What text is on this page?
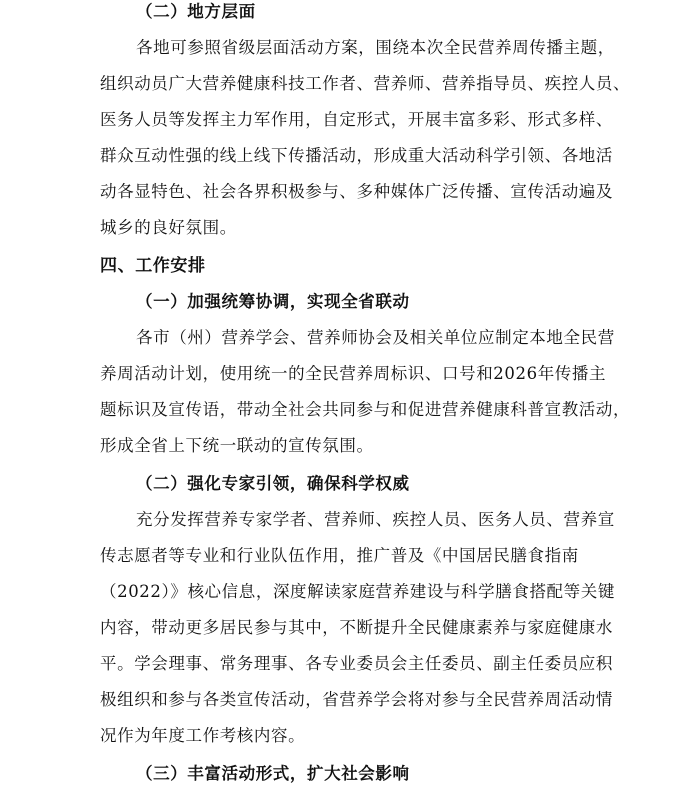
（二）地方层面
各地可参照省级层面活动方案，围绕本次全民营养周传播主题，
组织动员广大营养健康科技工作者、营养师、营养指导员、疾控人员、
医务人员等发挥主力军作用，自定形式，开展丰富多彩、形式多样、
群众互动性强的线上线下传播活动，形成重大活动科学引领、各地活
动各显特色、社会各界积极参与、多种媒体广泛传播、宣传活动遍及
城乡的良好氛围。
四、工作安排
（一）加强统筹协调，实现全省联动
各市（州）营养学会、营养师协会及相关单位应制定本地全民营
养周活动计划，使用统一的全民营养周标识、口号和2026年传播主
题标识及宣传语，带动全社会共同参与和促进营养健康科普宣教活动，
形成全省上下统一联动的宣传氛围。
（二）强化专家引领，确保科学权威
充分发挥营养专家学者、营养师、疾控人员、医务人员、营养宣
传志愿者等专业和行业队伍作用，推广普及《中国居民膳食指南
（2022）》核心信息，深度解读家庭营养建设与科学膳食搭配等关键
内容，带动更多居民参与其中，不断提升全民健康素养与家庭健康水
平。学会理事、常务理事、各专业委员会主任委员、副主任委员应积
极组织和参与各类宣传活动，省营养学会将对参与全民营养周活动情
况作为年度工作考核内容。
（三）丰富活动形式，扩大社会影响
